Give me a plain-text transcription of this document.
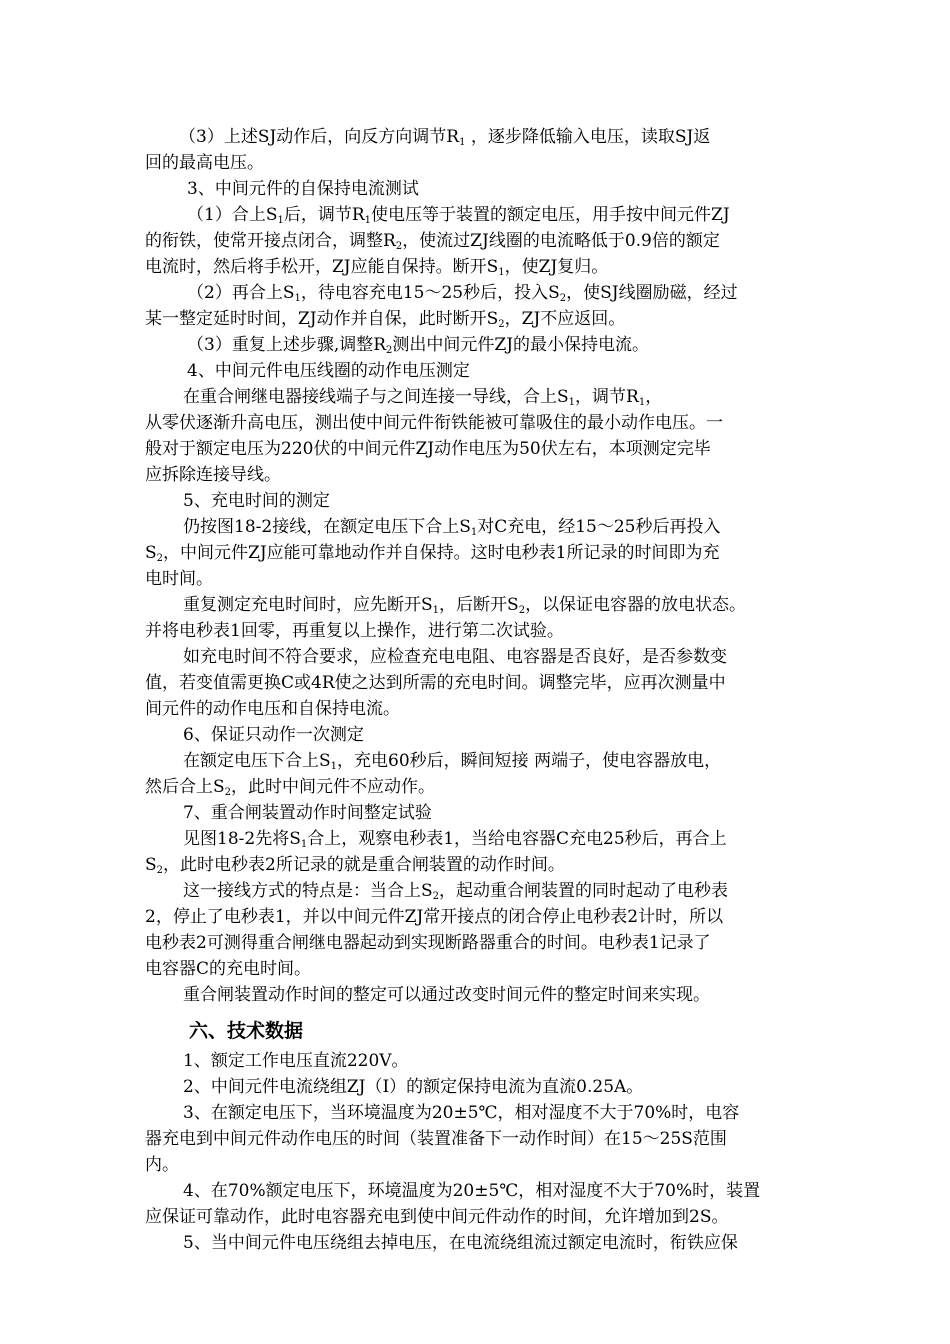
（3）上述SJ动作后，向反方向调节$R_1$ ，逐步降低输入电压，读取SJ返
回的最高电压。
3、中间元件的自保持电流测试
（1）合上$S_1$后，调节$R_1$使电压等于装置的额定电压，用手按中间元件ZJ
的衔铁，使常开接点闭合，调整$R_2$，使流过ZJ线圈的电流略低于0.9倍的额定
电流时，然后将手松开，ZJ应能自保持。断开$S_1$，使ZJ复归。
（2）再合上$S_1$，待电容充电15～25秒后，投入$S_2$，使SJ线圈励磁，经过
某一整定延时时间，ZJ动作并自保，此时断开$S_2$，ZJ不应返回。
（3）重复上述步骤,调整$R_2$测出中间元件ZJ的最小保持电流。
4、中间元件电压线圈的动作电压测定
在重合闸继电器接线端子与之间连接一导线，合上$S_1$，调节$R_1$，
从零伏逐渐升高电压，测出使中间元件衔铁能被可靠吸住的最小动作电压。一
般对于额定电压为220伏的中间元件ZJ动作电压为50伏左右，本项测定完毕
应拆除连接导线。
5、充电时间的测定
仍按图18-2接线，在额定电压下合上$S_1$对C充电，经15～25秒后再投入
$S_2$，中间元件ZJ应能可靠地动作并自保持。这时电秒表1所记录的时间即为充
电时间。
重复测定充电时间时，应先断开$S_1$，后断开$S_2$，以保证电容器的放电状态。
并将电秒表1回零，再重复以上操作，进行第二次试验。
如充电时间不符合要求，应检查充电电阻、电容器是否良好，是否参数变
值，若变值需更换C或4R使之达到所需的充电时间。调整完毕，应再次测量中
间元件的动作电压和自保持电流。
6、保证只动作一次测定
在额定电压下合上$S_1$，充电60秒后，瞬间短接 两端子，使电容器放电，
然后合上$S_2$，此时中间元件不应动作。
7、重合闸装置动作时间整定试验
见图18-2先将$S_1$合上，观察电秒表1，当给电容器C充电25秒后，再合上
$S_2$，此时电秒表2所记录的就是重合闸装置的动作时间。
这一接线方式的特点是：当合上$S_2$，起动重合闸装置的同时起动了电秒表
2，停止了电秒表1，并以中间元件ZJ常开接点的闭合停止电秒表2计时，所以
电秒表2可测得重合闸继电器起动到实现断路器重合的时间。电秒表1记录了
电容器C的充电时间。
重合闸装置动作时间的整定可以通过改变时间元件的整定时间来实现。
六、技术数据
1、额定工作电压直流220V。
2、中间元件电流绕组ZJ（I）的额定保持电流为直流0.25A。
3、在额定电压下，当环境温度为20±5℃，相对湿度不大于70%时，电容
器充电到中间元件动作电压的时间（装置准备下一动作时间）在15～25S范围
内。
4、在70%额定电压下，环境温度为20±5℃，相对湿度不大于70%时，装置
应保证可靠动作，此时电容器充电到使中间元件动作的时间，允许增加到2S。
5、当中间元件电压绕组去掉电压，在电流绕组流过额定电流时，衔铁应保
